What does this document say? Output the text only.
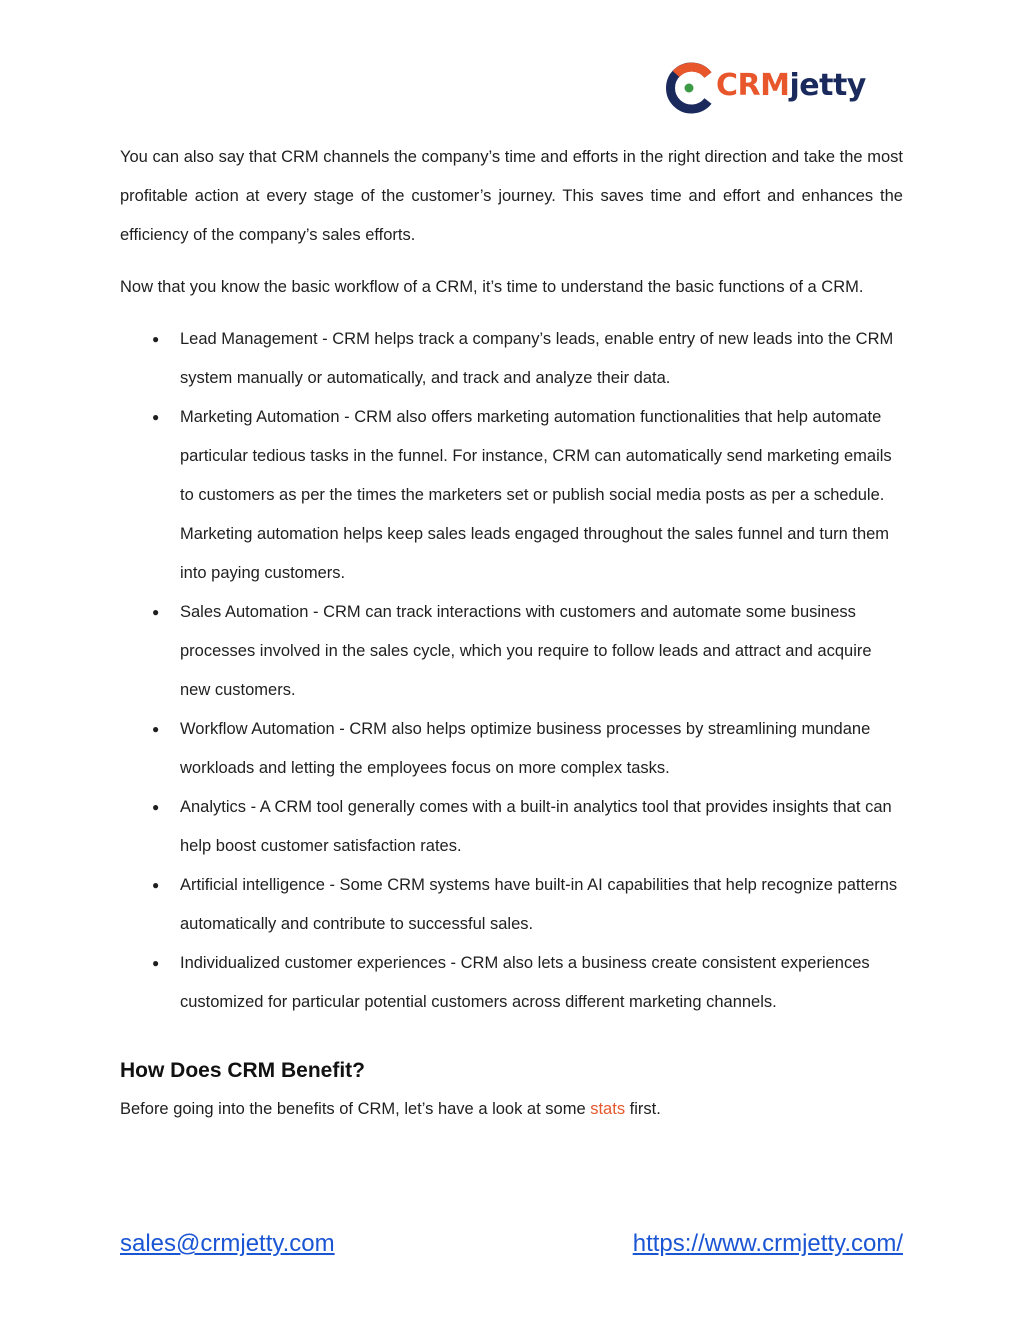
CRMjetty

You can also say that CRM channels the company’s time and efforts in the right direction and take the most profitable action at every stage of the customer’s journey. This saves time and effort and enhances the efficiency of the company’s sales efforts.

Now that you know the basic workflow of a CRM, it’s time to understand the basic functions of a CRM.

● Lead Management - CRM helps track a company’s leads, enable entry of new leads into the CRM system manually or automatically, and track and analyze their data.
● Marketing Automation - CRM also offers marketing automation functionalities that help automate particular tedious tasks in the funnel. For instance, CRM can automatically send marketing emails to customers as per the times the marketers set or publish social media posts as per a schedule. Marketing automation helps keep sales leads engaged throughout the sales funnel and turn them into paying customers.
● Sales Automation - CRM can track interactions with customers and automate some business processes involved in the sales cycle, which you require to follow leads and attract and acquire new customers.
● Workflow Automation - CRM also helps optimize business processes by streamlining mundane workloads and letting the employees focus on more complex tasks.
● Analytics - A CRM tool generally comes with a built-in analytics tool that provides insights that can help boost customer satisfaction rates.
● Artificial intelligence - Some CRM systems have built-in AI capabilities that help recognize patterns automatically and contribute to successful sales.
● Individualized customer experiences - CRM also lets a business create consistent experiences customized for particular potential customers across different marketing channels.
How Does CRM Benefit?

Before going into the benefits of CRM, let’s have a look at some stats first.

sales@crmjetty.com	https://www.crmjetty.com/
